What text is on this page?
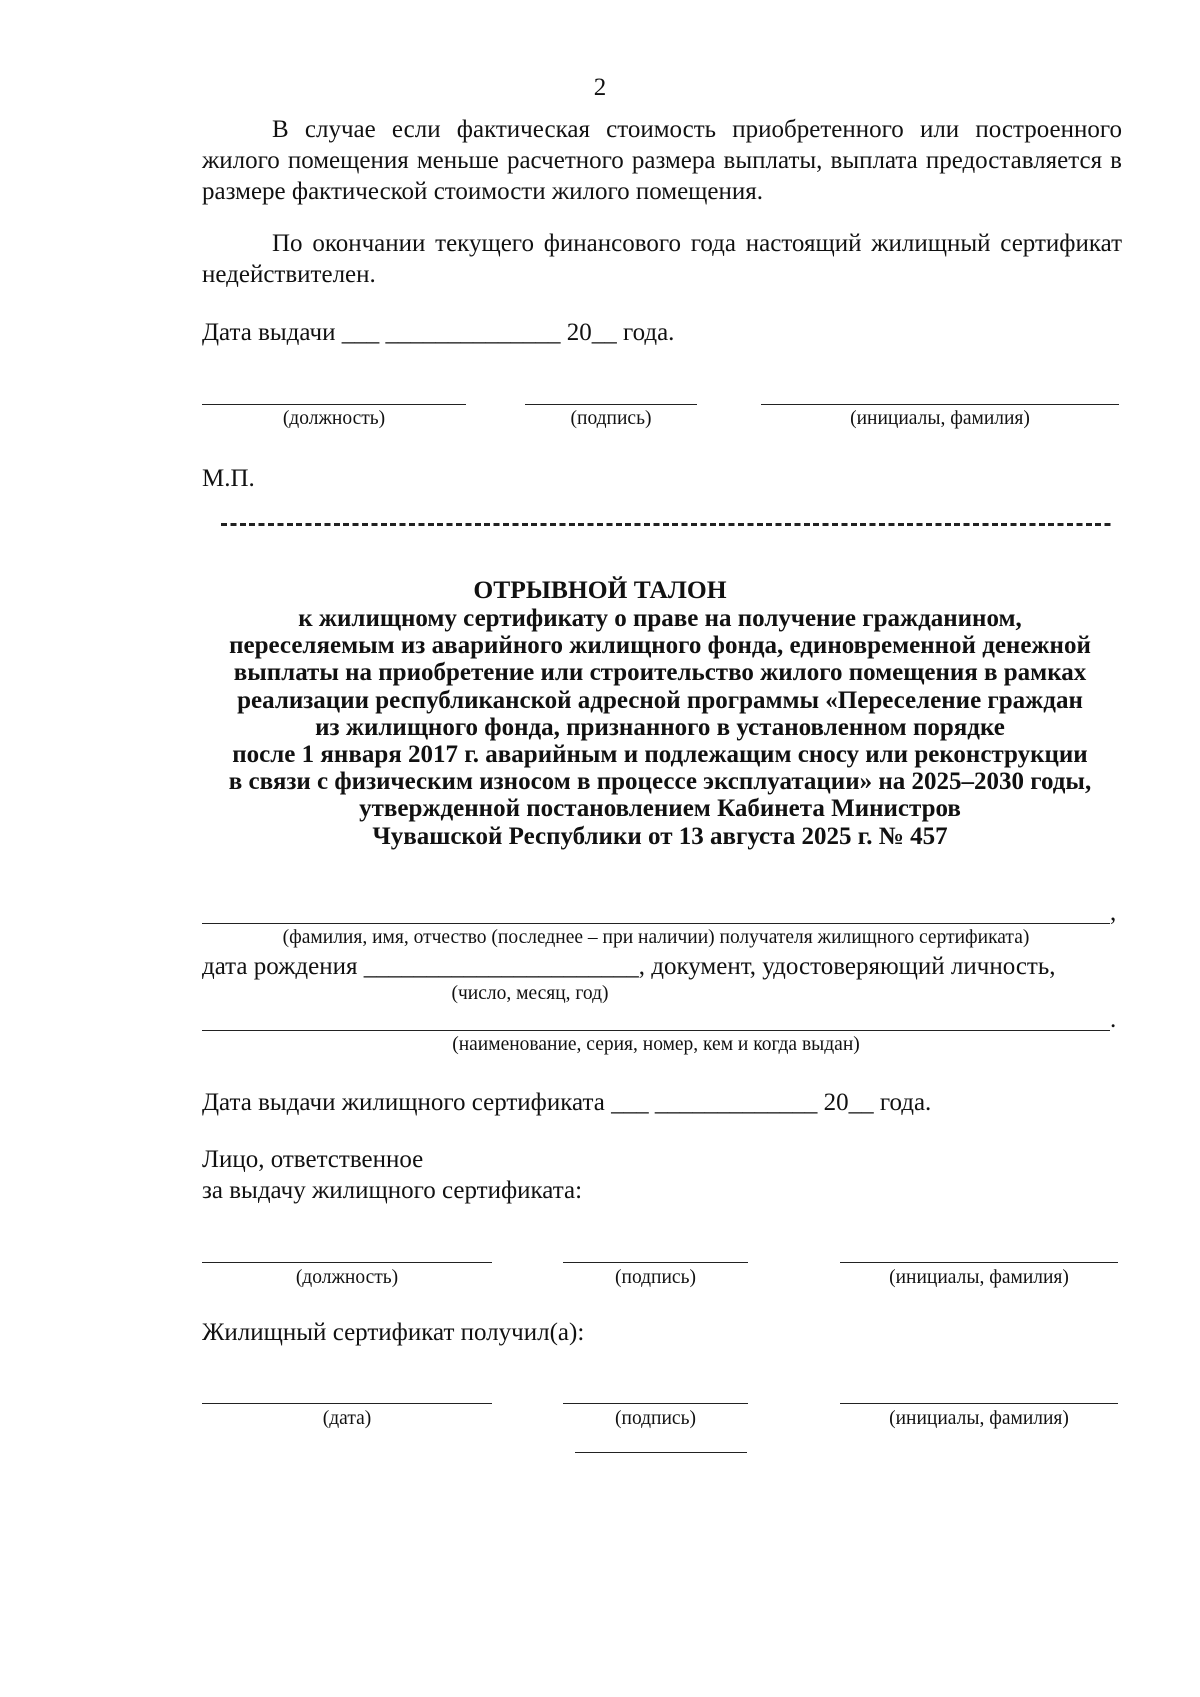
2
В случае если фактическая стоимость приобретенного или построенного жилого помещения меньше расчетного размера выплаты, выплата предоставляется в размере фактической стоимости жилого помещения.
По окончании текущего финансового года настоящий жилищный сертификат недействителен.
Дата выдачи ___ ______________ 20__ года.
(должность)	(подпись)	(инициалы, фамилия)
М.П.
ОТРЫВНОЙ ТАЛОН
к жилищному сертификату о праве на получение гражданином,
переселяемым из аварийного жилищного фонда, единовременной денежной
выплаты на приобретение или строительство жилого помещения в рамках
реализации республиканской адресной программы «Переселение граждан
из жилищного фонда, признанного в установленном порядке
после 1 января 2017 г. аварийным и подлежащим сносу или реконструкции
в связи с физическим износом в процессе эксплуатации» на 2025–2030 годы,
утвержденной постановлением Кабинета Министров
Чувашской Республики от 13 августа 2025 г. № 457
,
(фамилия, имя, отчество (последнее – при наличии) получателя жилищного сертификата)
дата рождения ______________________, документ, удостоверяющий личность,
(число, месяц, год)
.
(наименование, серия, номер, кем и когда выдан)
Дата выдачи жилищного сертификата ___ _____________ 20__ года.
Лицо, ответственное
за выдачу жилищного сертификата:
(должность)	(подпись)	(инициалы, фамилия)
Жилищный сертификат получил(а):
(дата)	(подпись)	(инициалы, фамилия)
